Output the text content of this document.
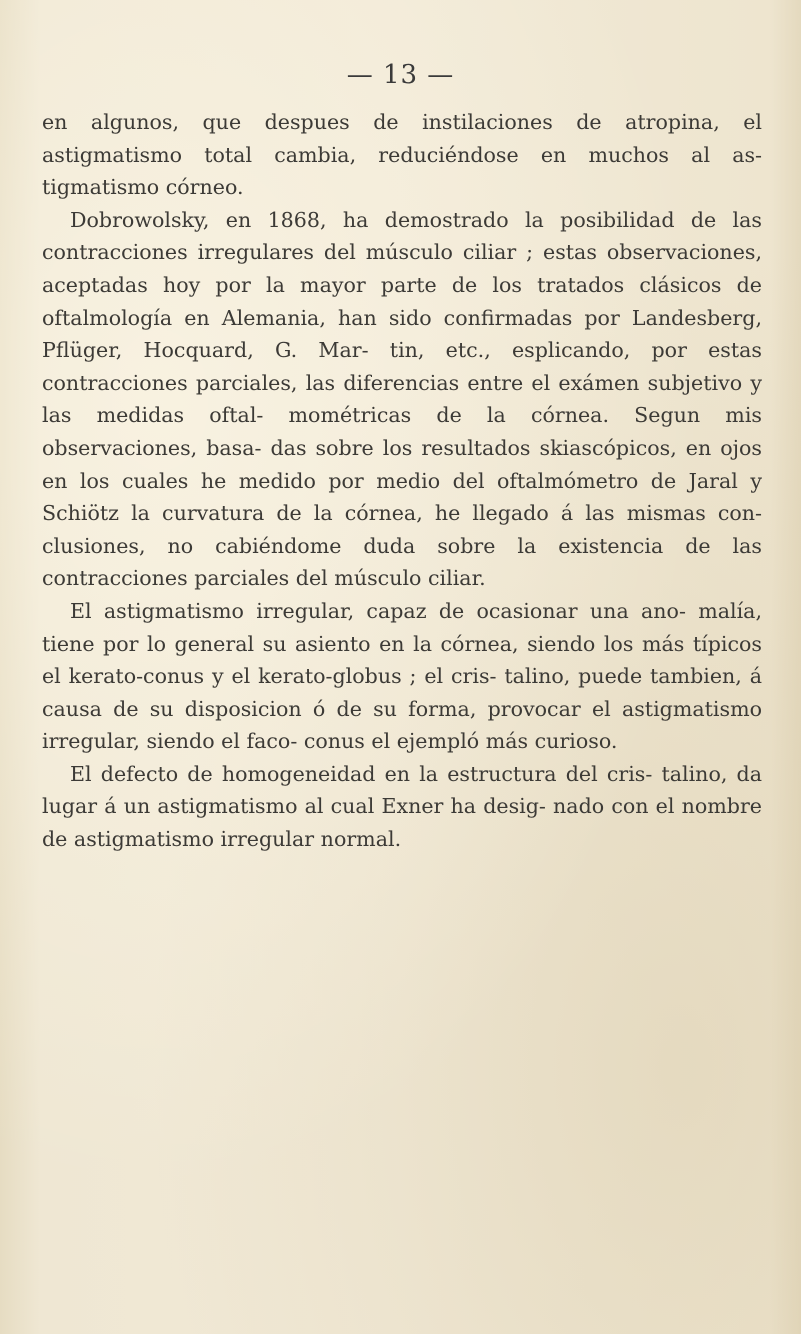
— 13 —

en algunos, que despues de instilaciones de atropina, el astigmatismo total cambia, reduciéndose en muchos al as- tigmatismo córneo.

Dobrowolsky, en 1868, ha demostrado la posibilidad de las contracciones irregulares del músculo ciliar ; estas observaciones, aceptadas hoy por la mayor parte de los tratados clásicos de oftalmología en Alemania, han sido confirmadas por Landesberg, Pflüger, Hocquard, G. Mar- tin, etc., esplicando, por estas contracciones parciales, las diferencias entre el exámen subjetivo y las medidas oftal- mométricas de la córnea. Segun mis observaciones, basa- das sobre los resultados skiascópicos, en ojos en los cuales he medido por medio del oftalmómetro de Jaral y Schiötz la curvatura de la córnea, he llegado á las mismas con- clusiones, no cabiéndome duda sobre la existencia de las contracciones parciales del músculo ciliar.

El astigmatismo irregular, capaz de ocasionar una ano- malía, tiene por lo general su asiento en la córnea, siendo los más típicos el kerato-conus y el kerato-globus ; el cris- talino, puede tambien, á causa de su disposicion ó de su forma, provocar el astigmatismo irregular, siendo el faco- conus el ejempló más curioso.

El defecto de homogeneidad en la estructura del cris- talino, da lugar á un astigmatismo al cual Exner ha desig- nado con el nombre de astigmatismo irregular normal.
